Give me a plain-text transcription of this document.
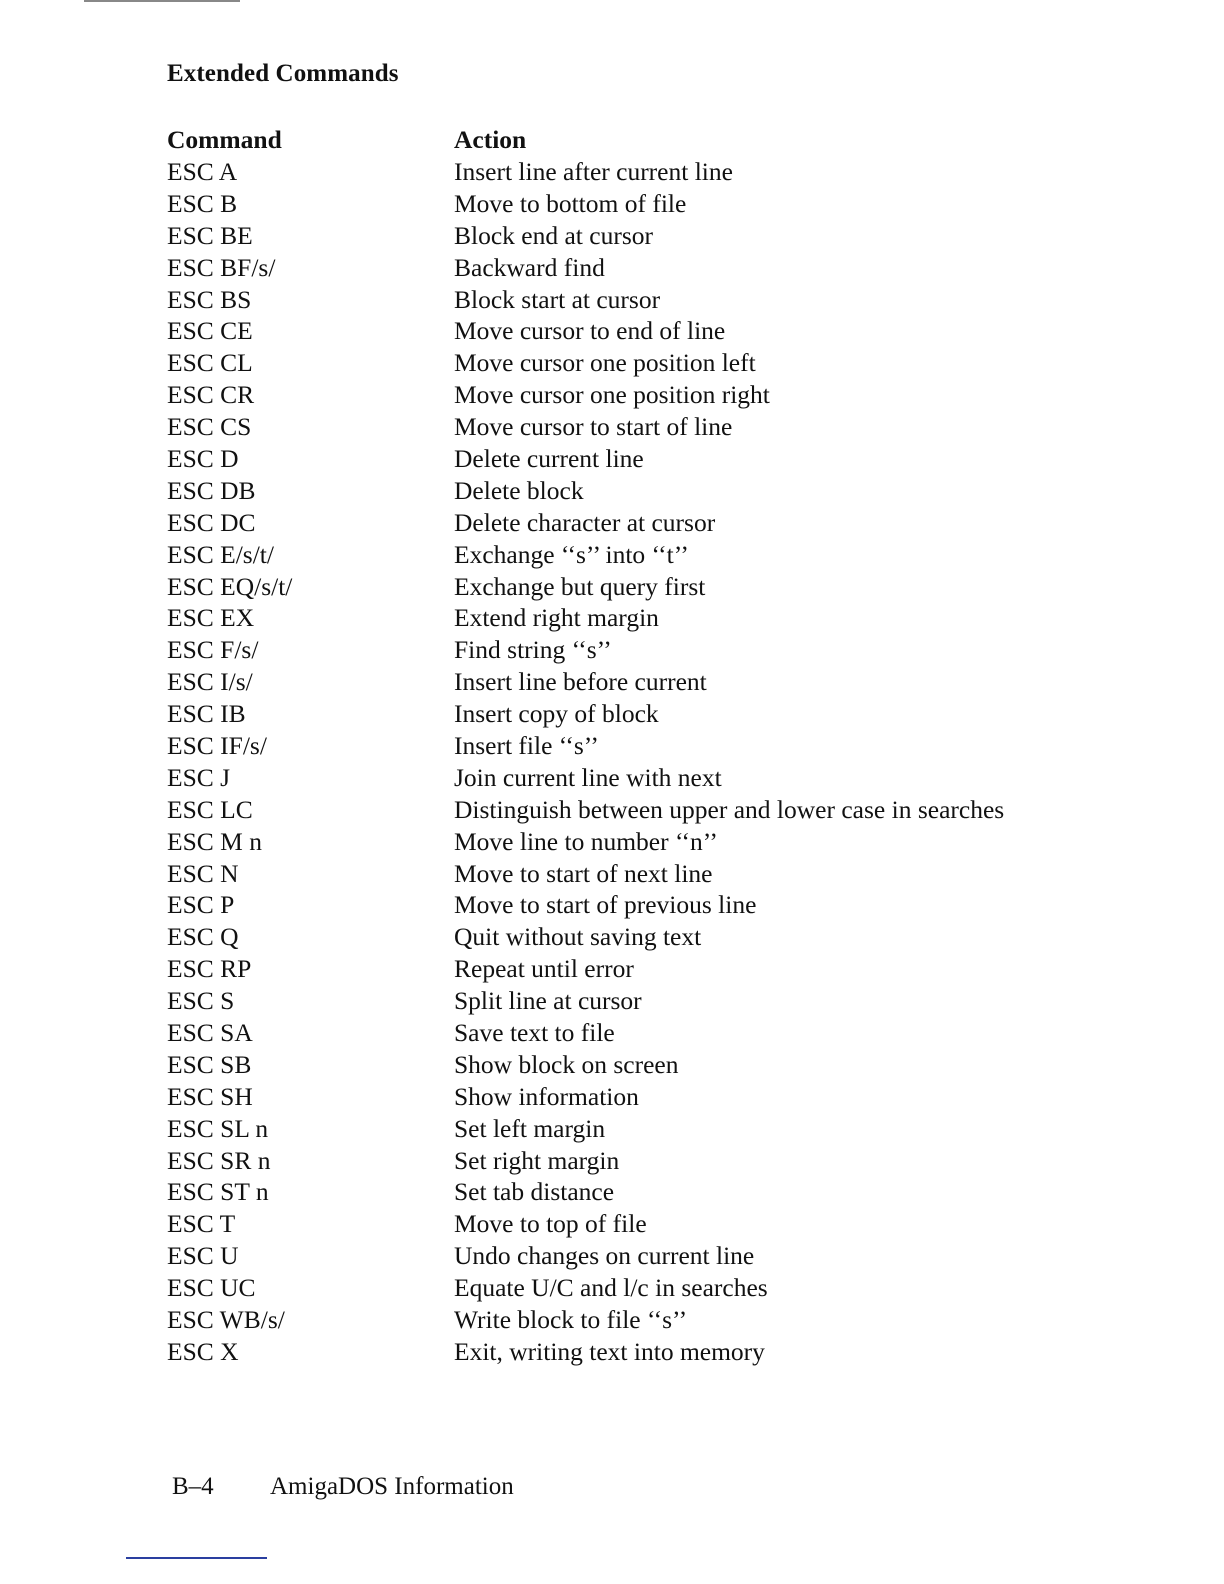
Extended Commands
Command	Action
ESC A	Insert line after current line
ESC B	Move to bottom of file
ESC BE	Block end at cursor
ESC BF/s/	Backward find
ESC BS	Block start at cursor
ESC CE	Move cursor to end of line
ESC CL	Move cursor one position left
ESC CR	Move cursor one position right
ESC CS	Move cursor to start of line
ESC D	Delete current line
ESC DB	Delete block
ESC DC	Delete character at cursor
ESC E/s/t/	Exchange ‘‘s’’ into ‘‘t’’
ESC EQ/s/t/	Exchange but query first
ESC EX	Extend right margin
ESC F/s/	Find string ‘‘s’’
ESC I/s/	Insert line before current
ESC IB	Insert copy of block
ESC IF/s/	Insert file ‘‘s’’
ESC J	Join current line with next
ESC LC	Distinguish between upper and lower case in searches
ESC M n	Move line to number ‘‘n’’
ESC N	Move to start of next line
ESC P	Move to start of previous line
ESC Q	Quit without saving text
ESC RP	Repeat until error
ESC S	Split line at cursor
ESC SA	Save text to file
ESC SB	Show block on screen
ESC SH	Show information
ESC SL n	Set left margin
ESC SR n	Set right margin
ESC ST n	Set tab distance
ESC T	Move to top of file
ESC U	Undo changes on current line
ESC UC	Equate U/C and l/c in searches
ESC WB/s/	Write block to file ‘‘s’’
ESC X	Exit, writing text into memory
B–4	AmigaDOS Information
